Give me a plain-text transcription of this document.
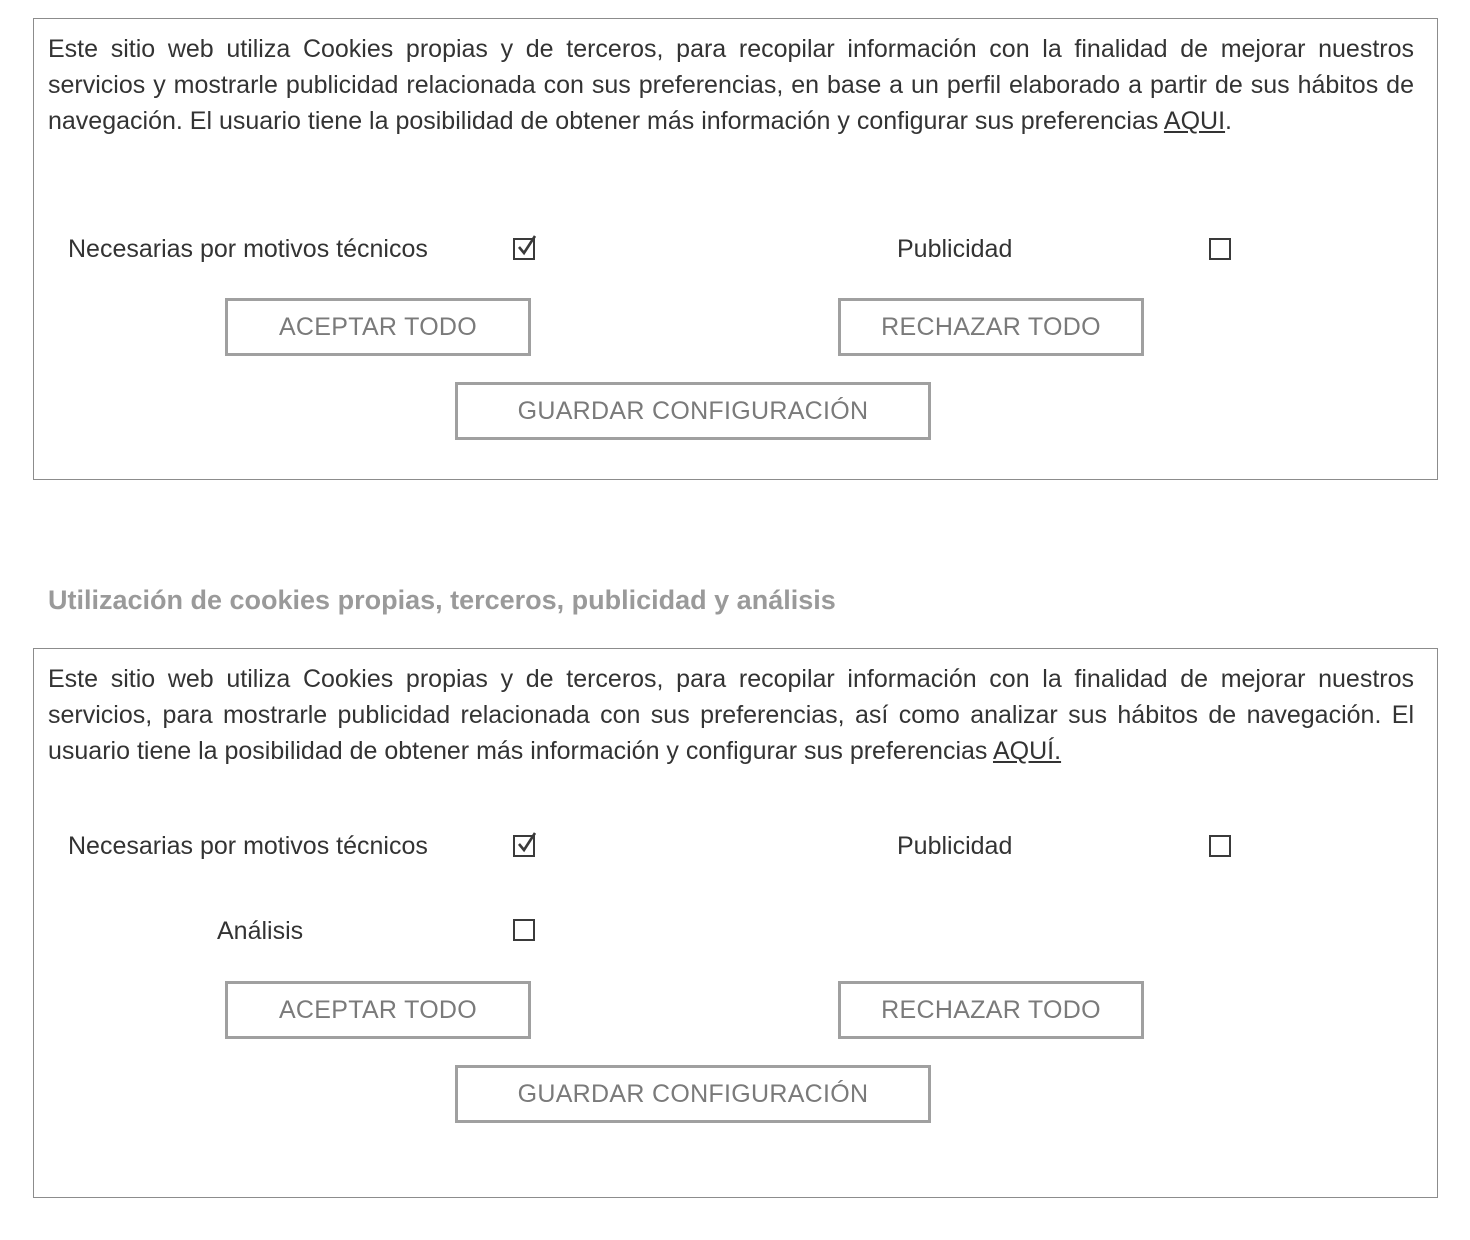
Este sitio web utiliza Cookies propias y de terceros, para recopilar información con la finalidad de mejorar nuestros servicios y mostrarle publicidad relacionada con sus preferencias, en base a un perfil elaborado a partir de sus hábitos de navegación. El usuario tiene la posibilidad de obtener más información y configurar sus preferencias AQUI.

Necesarias por motivos técnicos	Publicidad
ACEPTAR TODO	RECHAZAR TODO
GUARDAR CONFIGURACIÓN
Utilización de cookies propias, terceros, publicidad y análisis

Este sitio web utiliza Cookies propias y de terceros, para recopilar información con la finalidad de mejorar nuestros servicios, para mostrarle publicidad relacionada con sus preferencias, así como analizar sus hábitos de navegación. El usuario tiene la posibilidad de obtener más información y configurar sus preferencias AQUÍ.

Necesarias por motivos técnicos	Publicidad
Análisis
ACEPTAR TODO	RECHAZAR TODO
GUARDAR CONFIGURACIÓN
